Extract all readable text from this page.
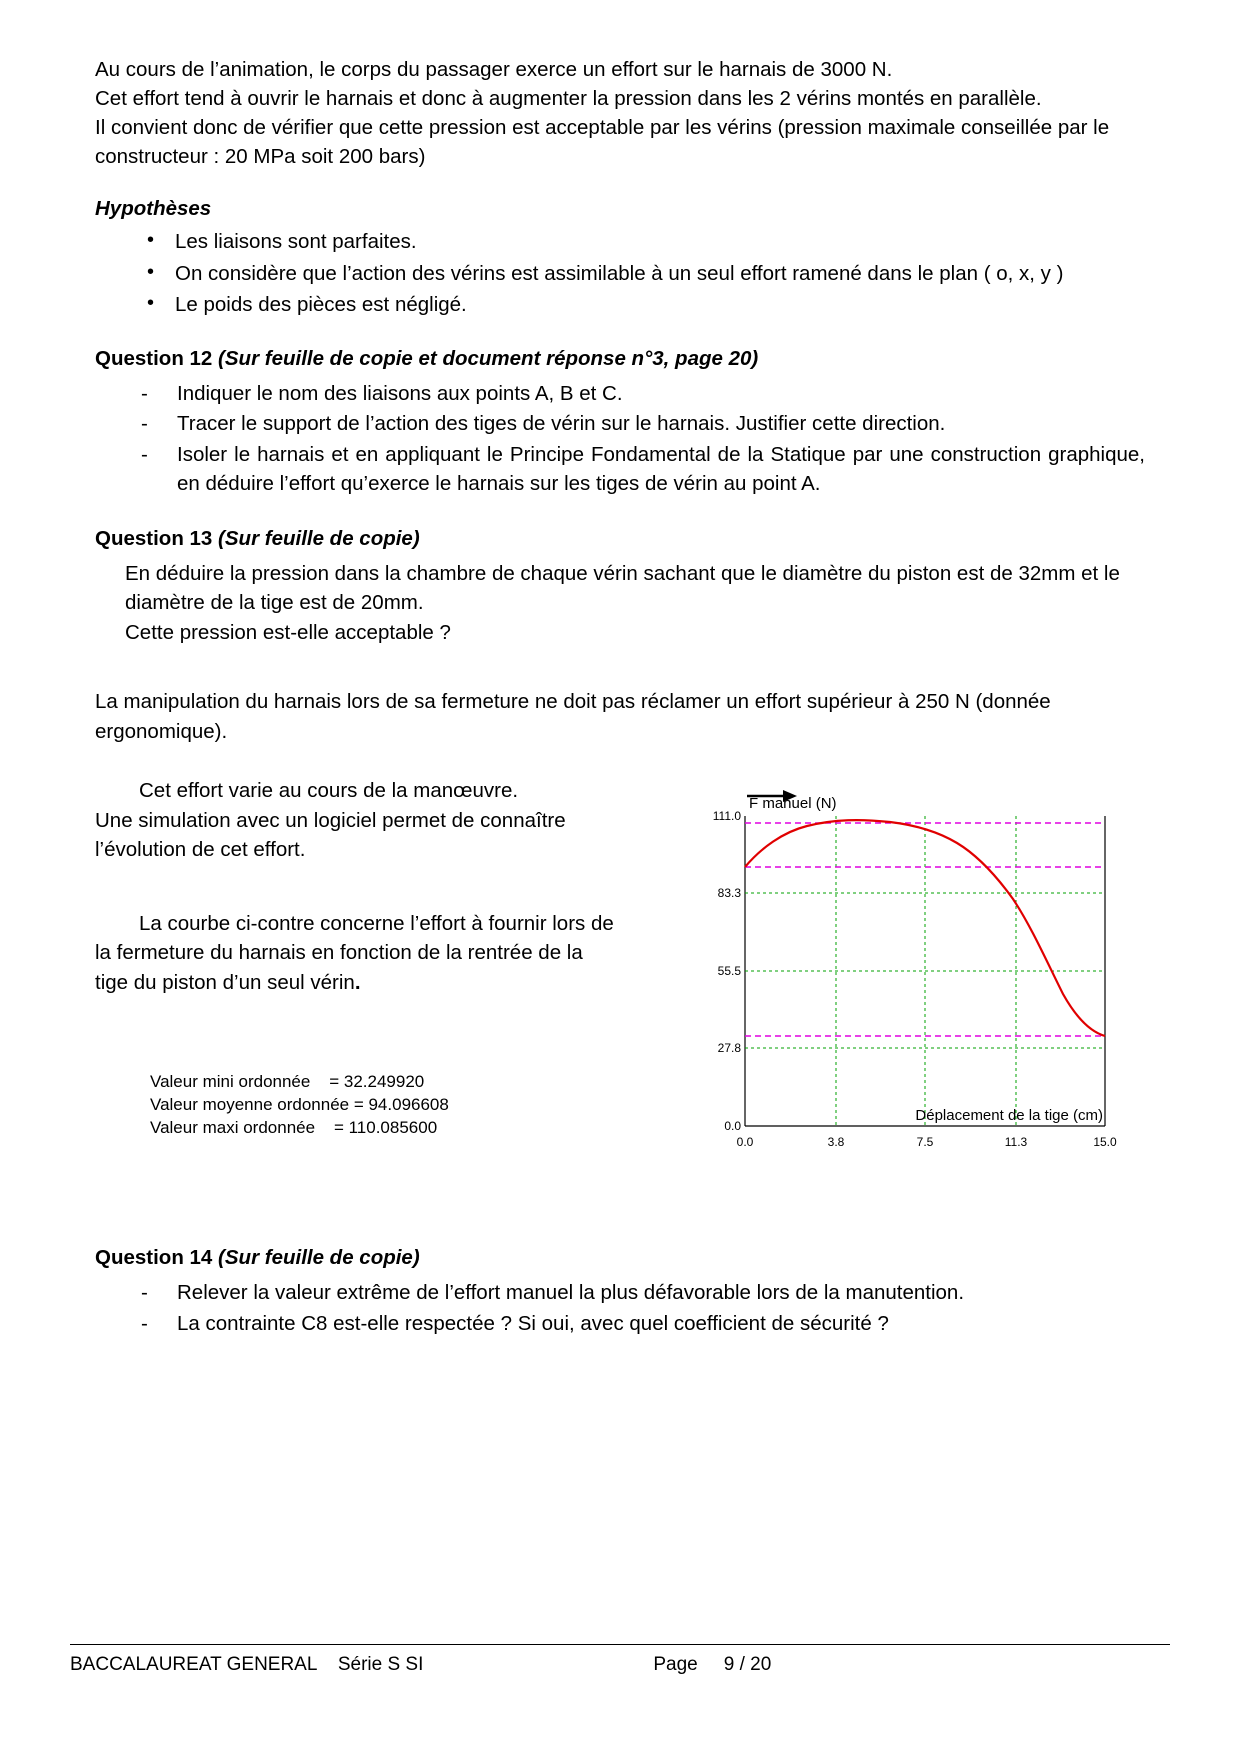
Au cours de l’animation, le corps du passager exerce un effort sur le harnais de 3000 N.

Cet effort tend à ouvrir le harnais et donc à augmenter la pression dans les 2 vérins montés en parallèle.

Il convient donc de vérifier que cette pression est acceptable par les vérins (pression maximale conseillée par le constructeur : 20 MPa soit 200 bars)

Hypothèses
• Les liaisons sont parfaites.
• On considère que l’action des vérins est assimilable à un seul effort ramené dans le plan ( o, x, y )
• Le poids des pièces est négligé.
Question 12 (Sur feuille de copie et document réponse n°3, page 20)
- Indiquer le nom des liaisons aux points A, B et C.
- Tracer le support de l’action des tiges de vérin sur le harnais. Justifier cette direction.
- Isoler le harnais et en appliquant le Principe Fondamental de la Statique par une construction graphique, en déduire l’effort qu’exerce le harnais sur les tiges de vérin au point A.
Question 13 (Sur feuille de copie)

En déduire la pression dans la chambre de chaque vérin sachant que le diamètre du piston est de 32mm et le diamètre de la tige est de 20mm.

Cette pression est-elle acceptable ?

La manipulation du harnais lors de sa fermeture ne doit pas réclamer un effort supérieur à 250 N (donnée ergonomique).

Cet effort varie au cours de la manœuvre.

Une simulation avec un logiciel permet de connaître l’évolution de cet effort.

La courbe ci-contre concerne l’effort à fournir lors de la fermeture du harnais en fonction de la rentrée de la tige du piston d’un seul vérin.

Valeur mini ordonnée    = 32.249920
Valeur moyenne ordonnée = 94.096608
Valeur maxi ordonnée    = 110.085600
111.0
83.3
55.5
27.8
0.0
0.0	3.8	7.5	11.3	15.0
F manuel (N)
Déplacement de la tige (cm)
Question 14 (Sur feuille de copie)
- Relever la valeur extrême de l’effort manuel la plus défavorable lors de la manutention.
- La contrainte C8 est-elle respectée ? Si oui, avec quel coefficient de sécurité ?
BACCALAUREAT GENERAL    Série S SI	Page 9 / 20
